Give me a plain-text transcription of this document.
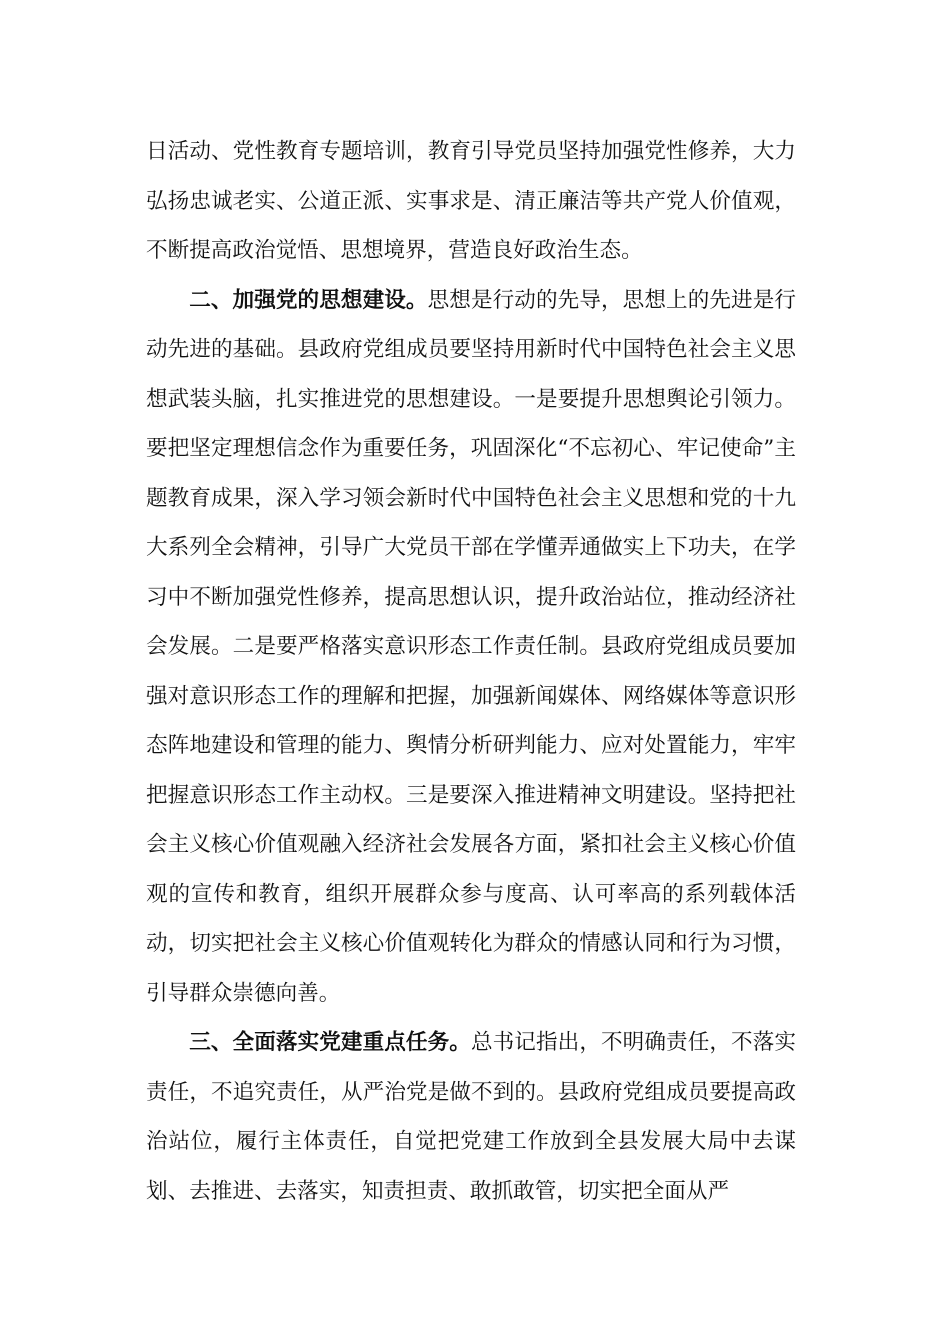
日活动、党性教育专题培训，教育引导党员坚持加强党性修养，大力弘扬忠诚老实、公道正派、实事求是、清正廉洁等共产党人价值观，不断提高政治觉悟、思想境界，营造良好政治生态。

二、加强党的思想建设。思想是行动的先导，思想上的先进是行动先进的基础。县政府党组成员要坚持用新时代中国特色社会主义思想武装头脑，扎实推进党的思想建设。一是要提升思想舆论引领力。要把坚定理想信念作为重要任务，巩固深化“不忘初心、牢记使命”主题教育成果，深入学习领会新时代中国特色社会主义思想和党的十九大系列全会精神，引导广大党员干部在学懂弄通做实上下功夫，在学习中不断加强党性修养，提高思想认识，提升政治站位，推动经济社会发展。二是要严格落实意识形态工作责任制。县政府党组成员要加强对意识形态工作的理解和把握，加强新闻媒体、网络媒体等意识形态阵地建设和管理的能力、舆情分析研判能力、应对处置能力，牢牢把握意识形态工作主动权。三是要深入推进精神文明建设。坚持把社会主义核心价值观融入经济社会发展各方面，紧扣社会主义核心价值观的宣传和教育，组织开展群众参与度高、认可率高的系列载体活动，切实把社会主义核心价值观转化为群众的情感认同和行为习惯，引导群众崇德向善。

三、全面落实党建重点任务。总书记指出，不明确责任，不落实责任，不追究责任，从严治党是做不到的。县政府党组成员要提高政治站位，履行主体责任，自觉把党建工作放到全县发展大局中去谋划、去推进、去落实，知责担责、敢抓敢管，切实把全面从严
